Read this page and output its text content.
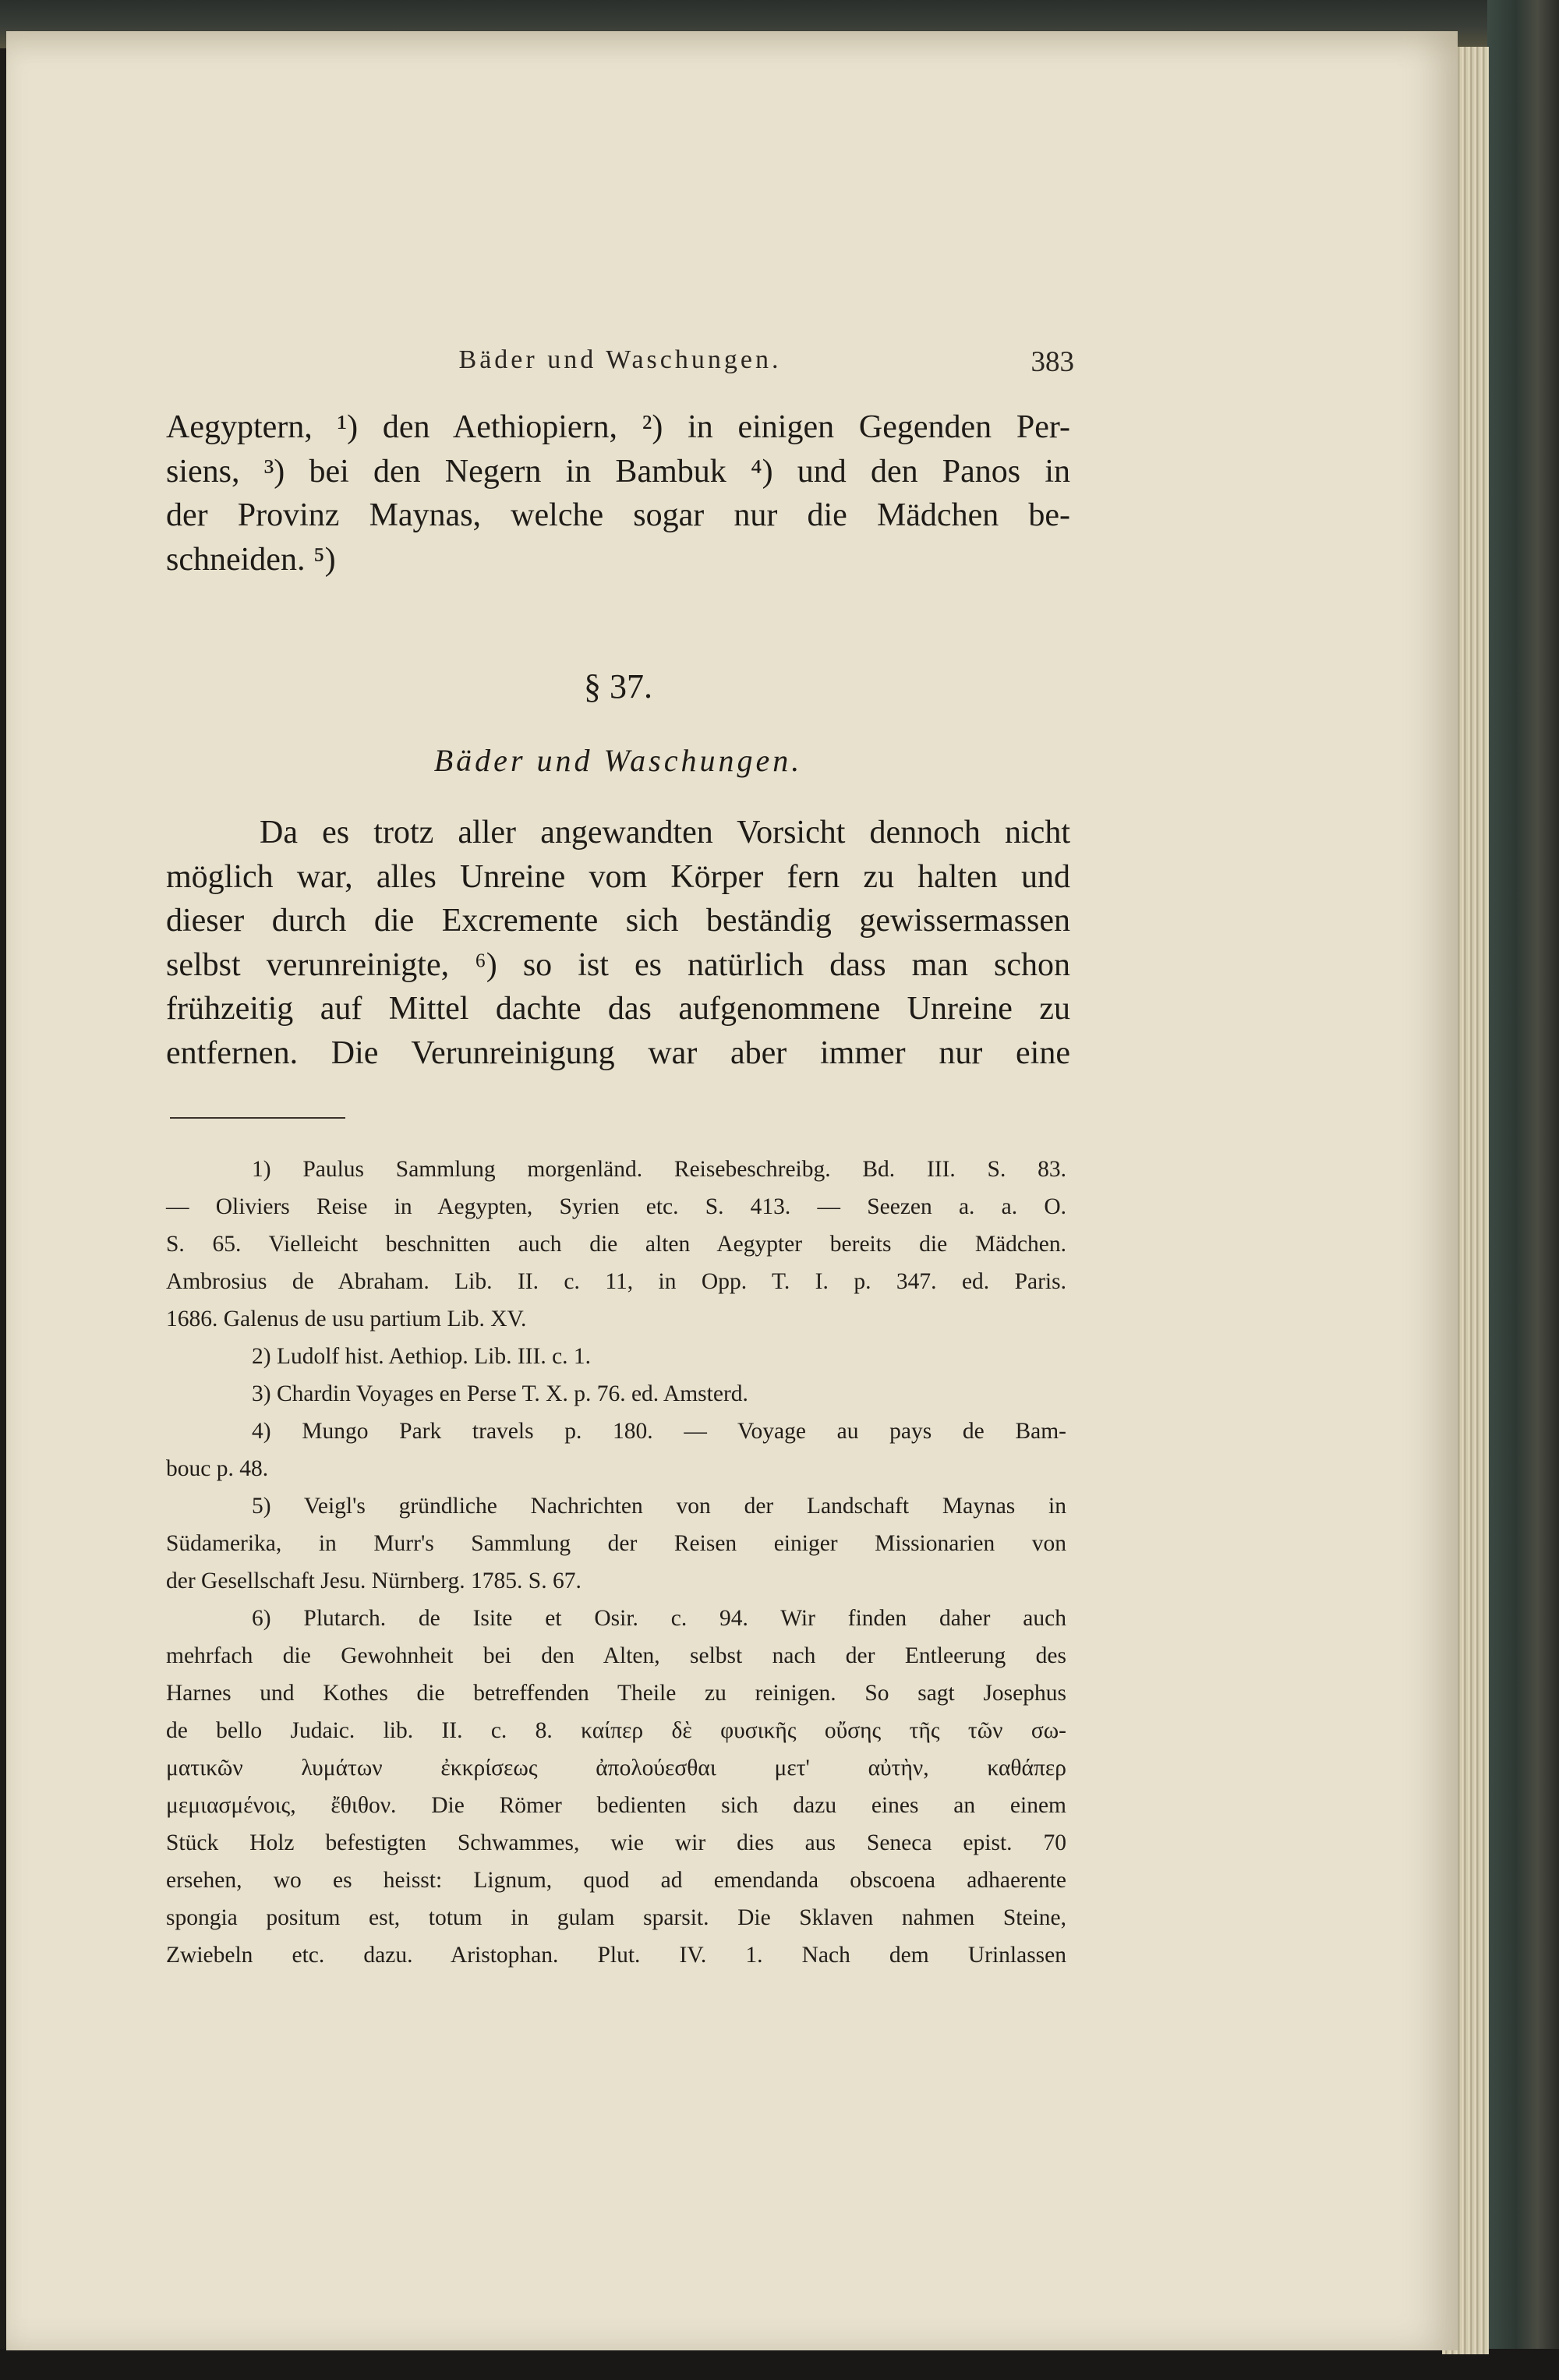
Bäder und Waschungen.	383
Aegyptern, ¹) den Aethiopiern, ²) in einigen Gegenden Per-
siens, ³) bei den Negern in Bambuk ⁴) und den Panos in
der Provinz Maynas, welche sogar nur die Mädchen be-
schneiden. ⁵)
§ 37.
Bäder und Waschungen.
Da es trotz aller angewandten Vorsicht dennoch nicht
möglich war, alles Unreine vom Körper fern zu halten und
dieser durch die Excremente sich beständig gewissermassen
selbst verunreinigte, ⁶) so ist es natürlich dass man schon
frühzeitig auf Mittel dachte das aufgenommene Unreine zu
entfernen. Die Verunreinigung war aber immer nur eine
1) Paulus Sammlung morgenländ. Reisebeschreibg. Bd. III. S. 83.
— Oliviers Reise in Aegypten, Syrien etc. S. 413. — Seezen a. a. O.
S. 65. Vielleicht beschnitten auch die alten Aegypter bereits die Mädchen.
Ambrosius de Abraham. Lib. II. c. 11, in Opp. T. I. p. 347. ed. Paris.
1686. Galenus de usu partium Lib. XV.
2) Ludolf hist. Aethiop. Lib. III. c. 1.
3) Chardin Voyages en Perse T. X. p. 76. ed. Amsterd.
4) Mungo Park travels p. 180. — Voyage au pays de Bam-
bouc p. 48.
5) Veigl's gründliche Nachrichten von der Landschaft Maynas in
Südamerika, in Murr's Sammlung der Reisen einiger Missionarien von
der Gesellschaft Jesu. Nürnberg. 1785. S. 67.
6) Plutarch. de Isite et Osir. c. 94. Wir finden daher auch
mehrfach die Gewohnheit bei den Alten, selbst nach der Entleerung des
Harnes und Kothes die betreffenden Theile zu reinigen. So sagt Josephus
de bello Judaic. lib. II. c. 8. καίπερ δὲ φυσικῆς οὔσης τῆς τῶν σω-
ματικῶν λυμάτων ἐκκρίσεως ἀπολούεσθαι μετ' αὐτὴν, καθάπερ
μεμιασμένοις, ἔθιθον. Die Römer bedienten sich dazu eines an einem
Stück Holz befestigten Schwammes, wie wir dies aus Seneca epist. 70
ersehen, wo es heisst: Lignum, quod ad emendanda obscoena adhaerente
spongia positum est, totum in gulam sparsit. Die Sklaven nahmen Steine,
Zwiebeln etc. dazu. Aristophan. Plut. IV. 1. Nach dem Urinlassen
